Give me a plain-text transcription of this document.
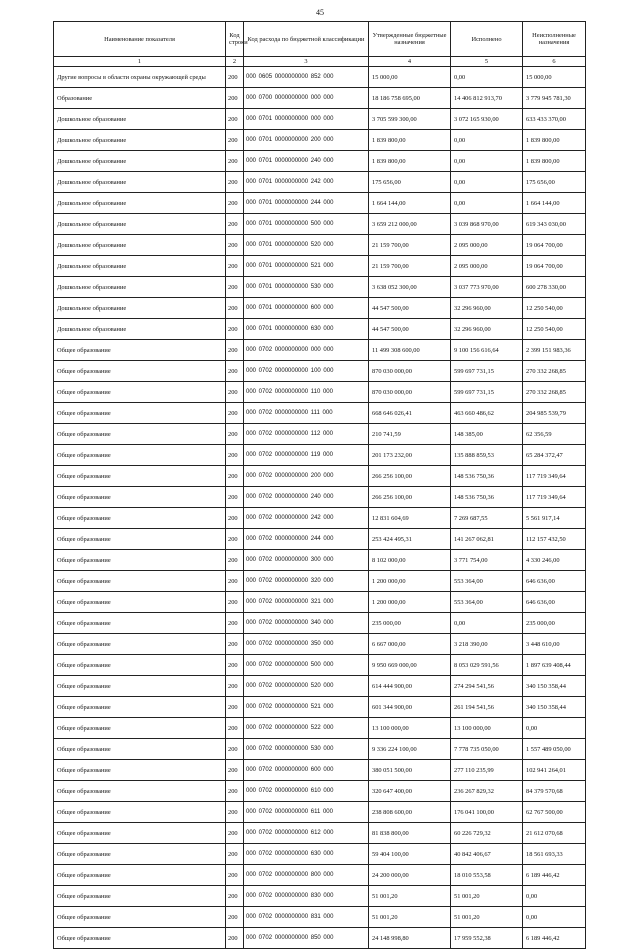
45
Наименование показателя	Код строки	Код расхода по бюджетной классификации	Утвержденные бюджетные назначения	Исполнено	Неисполненные назначения
1	2	3	4	5	6
Другие вопросы в области охраны окружающей среды	200	000 0605 0000000000 852 000	15 000,00	0,00	15 000,00
Образование	200	000 0700 0000000000 000 000	18 186 758 695,00	14 406 812 913,70	3 779 945 781,30
Дошкольное образование	200	000 0701 0000000000 000 000	3 705 599 300,00	3 072 165 930,00	633 433 370,00
Дошкольное образование	200	000 0701 0000000000 200 000	1 839 800,00	0,00	1 839 800,00
Дошкольное образование	200	000 0701 0000000000 240 000	1 839 800,00	0,00	1 839 800,00
Дошкольное образование	200	000 0701 0000000000 242 000	175 656,00	0,00	175 656,00
Дошкольное образование	200	000 0701 0000000000 244 000	1 664 144,00	0,00	1 664 144,00
Дошкольное образование	200	000 0701 0000000000 500 000	3 659 212 000,00	3 039 868 970,00	619 343 030,00
Дошкольное образование	200	000 0701 0000000000 520 000	21 159 700,00	2 095 000,00	19 064 700,00
Дошкольное образование	200	000 0701 0000000000 521 000	21 159 700,00	2 095 000,00	19 064 700,00
Дошкольное образование	200	000 0701 0000000000 530 000	3 638 052 300,00	3 037 773 970,00	600 278 330,00
Дошкольное образование	200	000 0701 0000000000 600 000	44 547 500,00	32 296 960,00	12 250 540,00
Дошкольное образование	200	000 0701 0000000000 630 000	44 547 500,00	32 296 960,00	12 250 540,00
Общее образование	200	000 0702 0000000000 000 000	11 499 308 600,00	9 100 156 616,64	2 399 151 983,36
Общее образование	200	000 0702 0000000000 100 000	870 030 000,00	599 697 731,15	270 332 268,85
Общее образование	200	000 0702 0000000000 110 000	870 030 000,00	599 697 731,15	270 332 268,85
Общее образование	200	000 0702 0000000000 111 000	668 646 026,41	463 660 486,62	204 985 539,79
Общее образование	200	000 0702 0000000000 112 000	210 741,59	148 385,00	62 356,59
Общее образование	200	000 0702 0000000000 119 000	201 173 232,00	135 888 859,53	65 284 372,47
Общее образование	200	000 0702 0000000000 200 000	266 256 100,00	148 536 750,36	117 719 349,64
Общее образование	200	000 0702 0000000000 240 000	266 256 100,00	148 536 750,36	117 719 349,64
Общее образование	200	000 0702 0000000000 242 000	12 831 604,69	7 269 687,55	5 561 917,14
Общее образование	200	000 0702 0000000000 244 000	253 424 495,31	141 267 062,81	112 157 432,50
Общее образование	200	000 0702 0000000000 300 000	8 102 000,00	3 771 754,00	4 330 246,00
Общее образование	200	000 0702 0000000000 320 000	1 200 000,00	553 364,00	646 636,00
Общее образование	200	000 0702 0000000000 321 000	1 200 000,00	553 364,00	646 636,00
Общее образование	200	000 0702 0000000000 340 000	235 000,00	0,00	235 000,00
Общее образование	200	000 0702 0000000000 350 000	6 667 000,00	3 218 390,00	3 448 610,00
Общее образование	200	000 0702 0000000000 500 000	9 950 669 000,00	8 053 029 591,56	1 897 639 408,44
Общее образование	200	000 0702 0000000000 520 000	614 444 900,00	274 294 541,56	340 150 358,44
Общее образование	200	000 0702 0000000000 521 000	601 344 900,00	261 194 541,56	340 150 358,44
Общее образование	200	000 0702 0000000000 522 000	13 100 000,00	13 100 000,00	0,00
Общее образование	200	000 0702 0000000000 530 000	9 336 224 100,00	7 778 735 050,00	1 557 489 050,00
Общее образование	200	000 0702 0000000000 600 000	380 051 500,00	277 110 235,99	102 941 264,01
Общее образование	200	000 0702 0000000000 610 000	320 647 400,00	236 267 829,32	84 379 570,68
Общее образование	200	000 0702 0000000000 611 000	238 808 600,00	176 041 100,00	62 767 500,00
Общее образование	200	000 0702 0000000000 612 000	81 838 800,00	60 226 729,32	21 612 070,68
Общее образование	200	000 0702 0000000000 630 000	59 404 100,00	40 842 406,67	18 561 693,33
Общее образование	200	000 0702 0000000000 800 000	24 200 000,00	18 010 553,58	6 189 446,42
Общее образование	200	000 0702 0000000000 830 000	51 001,20	51 001,20	0,00
Общее образование	200	000 0702 0000000000 831 000	51 001,20	51 001,20	0,00
Общее образование	200	000 0702 0000000000 850 000	24 148 998,80	17 959 552,38	6 189 446,42
